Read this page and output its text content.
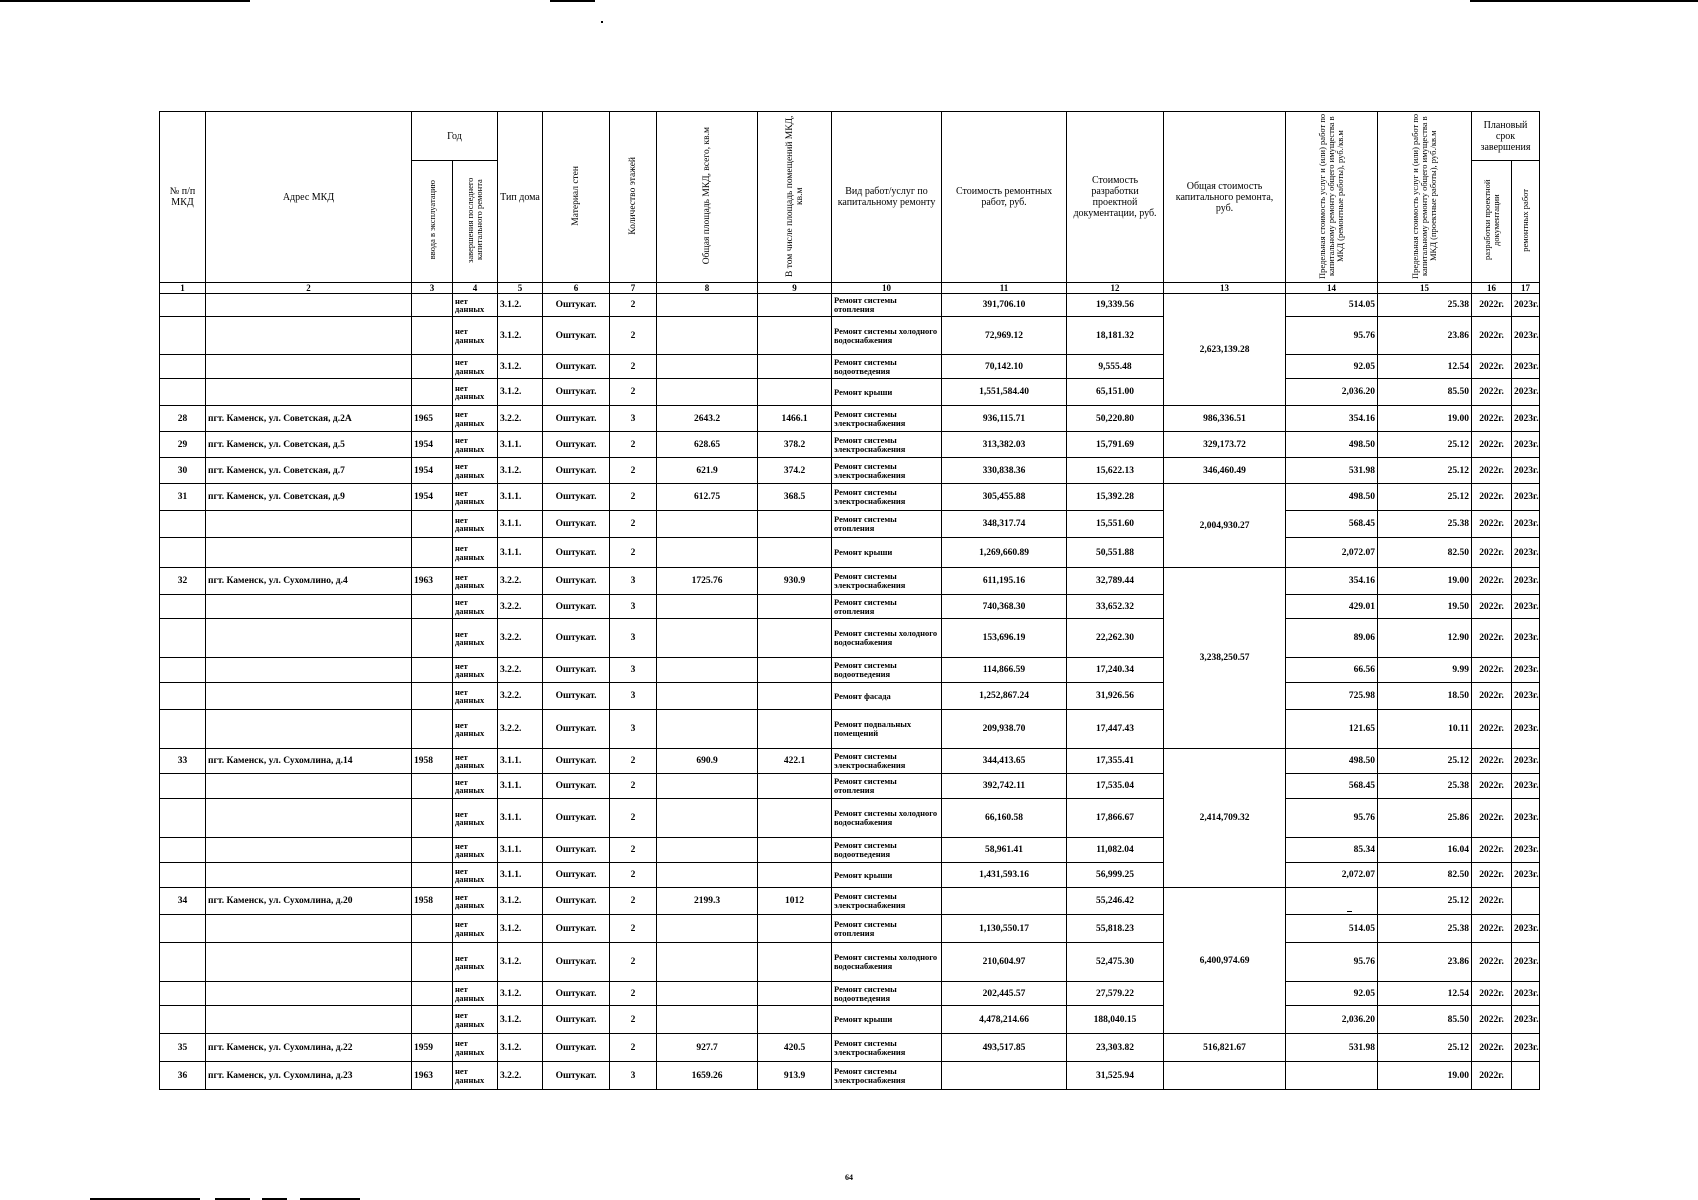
№ п/п МКД	Адрес МКД	Год		Тип дома	Материал стен	Количество этажей	Общая площадь МКД, всего, кв.м	В том числе площадь помещений МКД, кв.м	Вид работ/услуг по капитальному ремонту	Стоимость ремонтных работ, руб.	Стоимость разработки проектной документации, руб.	Общая стоимость капитального ремонта, руб.	Предельная стоимость услуг и (или) работ по капитальному ремонту общего имущества в МКД (ремонтные работы), руб./кв.м	Предельная стоимость услуг и (или) работ по капитальному ремонту общего имущества в МКД (проектные работы), руб./кв.м	Плановый срок завершения	
		ввода в эксплуатацию	завершения последнего капитального ремонта												разработки проектной документации	ремонтных работ
1	2	3	4	5	6	7	8	9	10	11	12	13	14	15	16	17
			нет данных	3.1.2.	Оштукат.	2			Ремонт системы отопления	391,706.10	19,339.56	2,623,139.28	514.05	25.38	2022г.	2023г.
			нет данных	3.1.2.	Оштукат.	2			Ремонт системы холодного водоснабжения	72,969.12	18,181.32		95.76	23.86	2022г.	2023г.
			нет данных	3.1.2.	Оштукат.	2			Ремонт системы водоотведения	70,142.10	9,555.48		92.05	12.54	2022г.	2023г.
			нет данных	3.1.2.	Оштукат.	2			Ремонт крыши	1,551,584.40	65,151.00		2,036.20	85.50	2022г.	2023г.
28	пгт. Каменск, ул. Советская, д.2А	1965	нет данных	3.2.2.	Оштукат.	3	2643.2	1466.1	Ремонт системы электроснабжения	936,115.71	50,220.80	986,336.51	354.16	19.00	2022г.	2023г.
29	пгт. Каменск, ул. Советская, д.5	1954	нет данных	3.1.1.	Оштукат.	2	628.65	378.2	Ремонт системы электроснабжения	313,382.03	15,791.69	329,173.72	498.50	25.12	2022г.	2023г.
30	пгт. Каменск, ул. Советская, д.7	1954	нет данных	3.1.2.	Оштукат.	2	621.9	374.2	Ремонт системы электроснабжения	330,838.36	15,622.13	346,460.49	531.98	25.12	2022г.	2023г.
31	пгт. Каменск, ул. Советская, д.9	1954	нет данных	3.1.1.	Оштукат.	2	612.75	368.5	Ремонт системы электроснабжения	305,455.88	15,392.28	2,004,930.27	498.50	25.12	2022г.	2023г.
			нет данных	3.1.1.	Оштукат.	2			Ремонт системы отопления	348,317.74	15,551.60		568.45	25.38	2022г.	2023г.
			нет данных	3.1.1.	Оштукат.	2			Ремонт крыши	1,269,660.89	50,551.88		2,072.07	82.50	2022г.	2023г.
32	пгт. Каменск, ул. Сухомлино, д.4	1963	нет данных	3.2.2.	Оштукат.	3	1725.76	930.9	Ремонт системы электроснабжения	611,195.16	32,789.44	3,238,250.57	354.16	19.00	2022г.	2023г.
			нет данных	3.2.2.	Оштукат.	3			Ремонт системы отопления	740,368.30	33,652.32		429.01	19.50	2022г.	2023г.
			нет данных	3.2.2.	Оштукат.	3			Ремонт системы холодного водоснабжения	153,696.19	22,262.30		89.06	12.90	2022г.	2023г.
			нет данных	3.2.2.	Оштукат.	3			Ремонт системы водоотведения	114,866.59	17,240.34		66.56	9.99	2022г.	2023г.
			нет данных	3.2.2.	Оштукат.	3			Ремонт фасада	1,252,867.24	31,926.56		725.98	18.50	2022г.	2023г.
			нет данных	3.2.2.	Оштукат.	3			Ремонт подвальных помещений	209,938.70	17,447.43		121.65	10.11	2022г.	2023г.
33	пгт. Каменск, ул. Сухомлина, д.14	1958	нет данных	3.1.1.	Оштукат.	2	690.9	422.1	Ремонт системы электроснабжения	344,413.65	17,355.41	2,414,709.32	498.50	25.12	2022г.	2023г.
			нет данных	3.1.1.	Оштукат.	2			Ремонт системы отопления	392,742.11	17,535.04		568.45	25.38	2022г.	2023г.
			нет данных	3.1.1.	Оштукат.	2			Ремонт системы холодного водоснабжения	66,160.58	17,866.67		95.76	25.86	2022г.	2023г.
			нет данных	3.1.1.	Оштукат.	2			Ремонт системы водоотведения	58,961.41	11,082.04		85.34	16.04	2022г.	2023г.
			нет данных	3.1.1.	Оштукат.	2			Ремонт крыши	1,431,593.16	56,999.25		2,072.07	82.50	2022г.	2023г.
34	пгт. Каменск, ул. Сухомлина, д.20	1958	нет данных	3.1.2.	Оштукат.	2	2199.3	1012	Ремонт системы электроснабжения		55,246.42	6,400,974.69		25.12	2022г.	
			нет данных	3.1.2.	Оштукат.	2			Ремонт системы отопления	1,130,550.17	55,818.23		514.05	25.38	2022г.	2023г.
			нет данных	3.1.2.	Оштукат.	2			Ремонт системы холодного водоснабжения	210,604.97	52,475.30		95.76	23.86	2022г.	2023г.
			нет данных	3.1.2.	Оштукат.	2			Ремонт системы водоотведения	202,445.57	27,579.22		92.05	12.54	2022г.	2023г.
			нет данных	3.1.2.	Оштукат.	2			Ремонт крыши	4,478,214.66	188,040.15		2,036.20	85.50	2022г.	2023г.
35	пгт. Каменск, ул. Сухомлина, д.22	1959	нет данных	3.1.2.	Оштукат.	2	927.7	420.5	Ремонт системы электроснабжения	493,517.85	23,303.82	516,821.67	531.98	25.12	2022г.	2023г.
36	пгт. Каменск, ул. Сухомлина, д.23	1963	нет данных	3.2.2.	Оштукат.	3	1659.26	913.9	Ремонт системы электроснабжения		31,525.94			19.00	2022г.	
64
